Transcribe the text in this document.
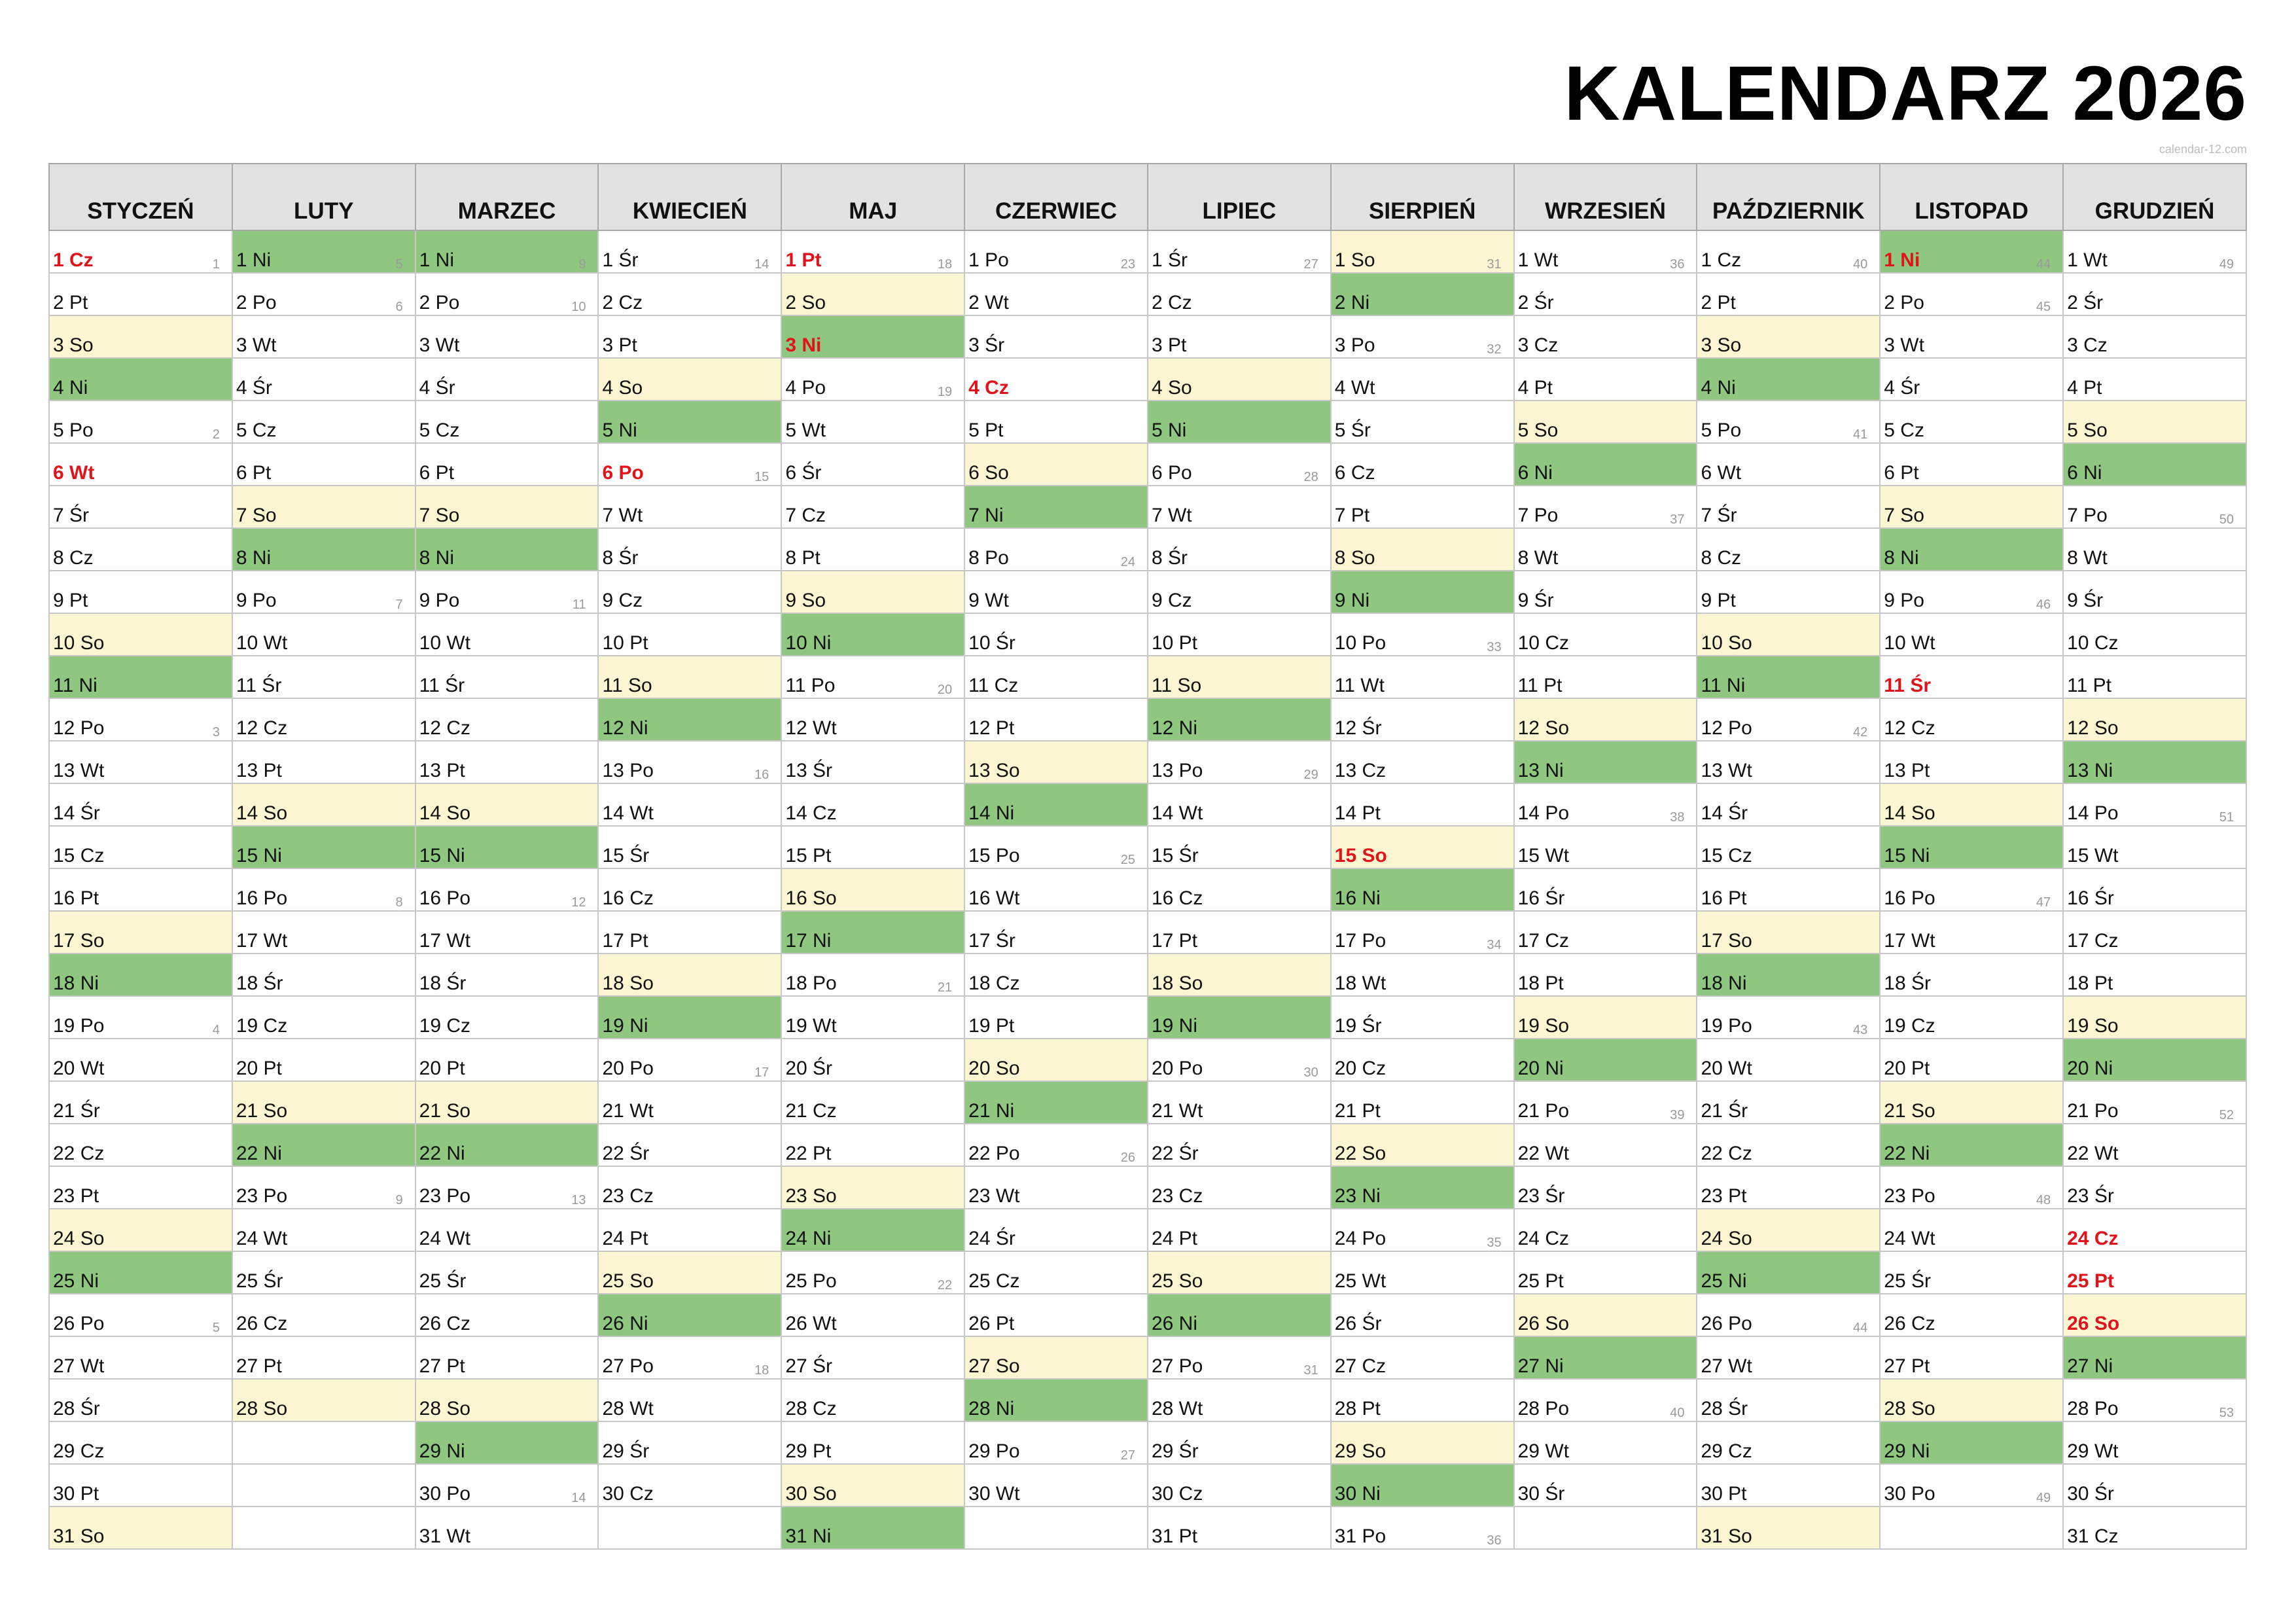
KALENDARZ 2026
calendar-12.com
STYCZEŃ	LUTY	MARZEC	KWIECIEŃ	MAJ	CZERWIEC	LIPIEC	SIERPIEŃ	WRZESIEŃ	PAŹDZIERNIK	LISTOPAD	GRUDZIEŃ

1 Cz 1	1 Ni 5	1 Ni 9	1 Śr 14	1 Pt 18	1 Po 23	1 Śr 27	1 So 31	1 Wt 36	1 Cz 40	1 Ni 44	1 Wt 49

2 Pt	2 Po 6	2 Po 10	2 Cz	2 So	2 Wt	2 Cz	2 Ni	2 Śr	2 Pt	2 Po 45	2 Śr

3 So	3 Wt	3 Wt	3 Pt	3 Ni	3 Śr	3 Pt	3 Po 32	3 Cz	3 So	3 Wt	3 Cz

4 Ni	4 Śr	4 Śr	4 So	4 Po 19	4 Cz	4 So	4 Wt	4 Pt	4 Ni	4 Śr	4 Pt

5 Po 2	5 Cz	5 Cz	5 Ni	5 Wt	5 Pt	5 Ni	5 Śr	5 So	5 Po 41	5 Cz	5 So

6 Wt	6 Pt	6 Pt	6 Po 15	6 Śr	6 So	6 Po 28	6 Cz	6 Ni	6 Wt	6 Pt	6 Ni

7 Śr	7 So	7 So	7 Wt	7 Cz	7 Ni	7 Wt	7 Pt	7 Po 37	7 Śr	7 So	7 Po 50

8 Cz	8 Ni	8 Ni	8 Śr	8 Pt	8 Po 24	8 Śr	8 So	8 Wt	8 Cz	8 Ni	8 Wt

9 Pt	9 Po 7	9 Po 11	9 Cz	9 So	9 Wt	9 Cz	9 Ni	9 Śr	9 Pt	9 Po 46	9 Śr

10 So	10 Wt	10 Wt	10 Pt	10 Ni	10 Śr	10 Pt	10 Po 33	10 Cz	10 So	10 Wt	10 Cz

11 Ni	11 Śr	11 Śr	11 So	11 Po 20	11 Cz	11 So	11 Wt	11 Pt	11 Ni	11 Śr	11 Pt

12 Po 3	12 Cz	12 Cz	12 Ni	12 Wt	12 Pt	12 Ni	12 Śr	12 So	12 Po 42	12 Cz	12 So

13 Wt	13 Pt	13 Pt	13 Po 16	13 Śr	13 So	13 Po 29	13 Cz	13 Ni	13 Wt	13 Pt	13 Ni

14 Śr	14 So	14 So	14 Wt	14 Cz	14 Ni	14 Wt	14 Pt	14 Po 38	14 Śr	14 So	14 Po 51

15 Cz	15 Ni	15 Ni	15 Śr	15 Pt	15 Po 25	15 Śr	15 So	15 Wt	15 Cz	15 Ni	15 Wt

16 Pt	16 Po 8	16 Po 12	16 Cz	16 So	16 Wt	16 Cz	16 Ni	16 Śr	16 Pt	16 Po 47	16 Śr

17 So	17 Wt	17 Wt	17 Pt	17 Ni	17 Śr	17 Pt	17 Po 34	17 Cz	17 So	17 Wt	17 Cz

18 Ni	18 Śr	18 Śr	18 So	18 Po 21	18 Cz	18 So	18 Wt	18 Pt	18 Ni	18 Śr	18 Pt

19 Po 4	19 Cz	19 Cz	19 Ni	19 Wt	19 Pt	19 Ni	19 Śr	19 So	19 Po 43	19 Cz	19 So

20 Wt	20 Pt	20 Pt	20 Po 17	20 Śr	20 So	20 Po 30	20 Cz	20 Ni	20 Wt	20 Pt	20 Ni

21 Śr	21 So	21 So	21 Wt	21 Cz	21 Ni	21 Wt	21 Pt	21 Po 39	21 Śr	21 So	21 Po 52

22 Cz	22 Ni	22 Ni	22 Śr	22 Pt	22 Po 26	22 Śr	22 So	22 Wt	22 Cz	22 Ni	22 Wt

23 Pt	23 Po 9	23 Po 13	23 Cz	23 So	23 Wt	23 Cz	23 Ni	23 Śr	23 Pt	23 Po 48	23 Śr

24 So	24 Wt	24 Wt	24 Pt	24 Ni	24 Śr	24 Pt	24 Po 35	24 Cz	24 So	24 Wt	24 Cz

25 Ni	25 Śr	25 Śr	25 So	25 Po 22	25 Cz	25 So	25 Wt	25 Pt	25 Ni	25 Śr	25 Pt

26 Po 5	26 Cz	26 Cz	26 Ni	26 Wt	26 Pt	26 Ni	26 Śr	26 So	26 Po 44	26 Cz	26 So

27 Wt	27 Pt	27 Pt	27 Po 18	27 Śr	27 So	27 Po 31	27 Cz	27 Ni	27 Wt	27 Pt	27 Ni

28 Śr	28 So	28 So	28 Wt	28 Cz	28 Ni	28 Wt	28 Pt	28 Po 40	28 Śr	28 So	28 Po 53

29 Cz		29 Ni	29 Śr	29 Pt	29 Po 27	29 Śr	29 So	29 Wt	29 Cz	29 Ni	29 Wt

30 Pt		30 Po 14	30 Cz	30 So	30 Wt	30 Cz	30 Ni	30 Śr	30 Pt	30 Po 49	30 Śr

31 So		31 Wt		31 Ni		31 Pt	31 Po 36		31 So		31 Cz
